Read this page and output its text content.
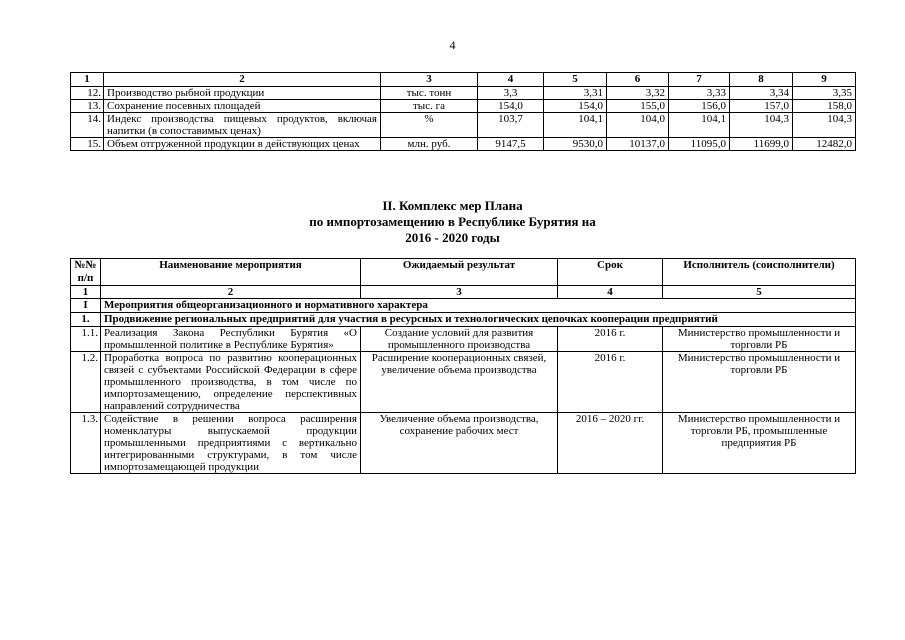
4
1	2	3	4	5	6	7	8	9
12.	Производство рыбной продукции	тыс. тонн	3,3	3,31	3,32	3,33	3,34	3,35
13.	Сохранение посевных площадей	тыс. га	154,0	154,0	155,0	156,0	157,0	158,0
14.	Индекс производства пищевых продуктов, включая напитки (в сопоставимых ценах)	%	103,7	104,1	104,0	104,1	104,3	104,3
15.	Объем отгруженной продукции в действующих ценах	млн. руб.	9147,5	9530,0	10137,0	11095,0	11699,0	12482,0
II. Комплекс мер Плана
по импортозамещению в Республике Бурятия на
2016 - 2020 годы
№№ п/п	Наименование мероприятия	Ожидаемый результат	Срок	Исполнитель (соисполнители)
1	2	3	4	5
I	Мероприятия общеорганизационного и нормативного характера			
1.	Продвижение региональных предприятий для участия в ресурсных и технологических цепочках кооперации предприятий			
1.1.	Реализация Закона Республики Бурятия «О промышленной политике в Республике Бурятия»	Создание условий для развития промышленного производства	2016 г.	Министерство промышленности и торговли РБ
1.2.	Проработка вопроса по развитию кооперационных связей с субъектами Российской Федерации в сфере промышленного производства, в том числе по импортозамещению, определение перспективных направлений сотрудничества	Расширение кооперационных связей, увеличение объема производства	2016 г.	Министерство промышленности и торговли РБ
1.3.	Содействие в решении вопроса расширения номенклатуры выпускаемой продукции промышленными предприятиями с вертикально интегрированными структурами, в том числе импортозамещающей продукции	Увеличение объема производства, сохранение рабочих мест	2016 – 2020 гг.	Министерство промышленности и торговли РБ, промышленные предприятия РБ
